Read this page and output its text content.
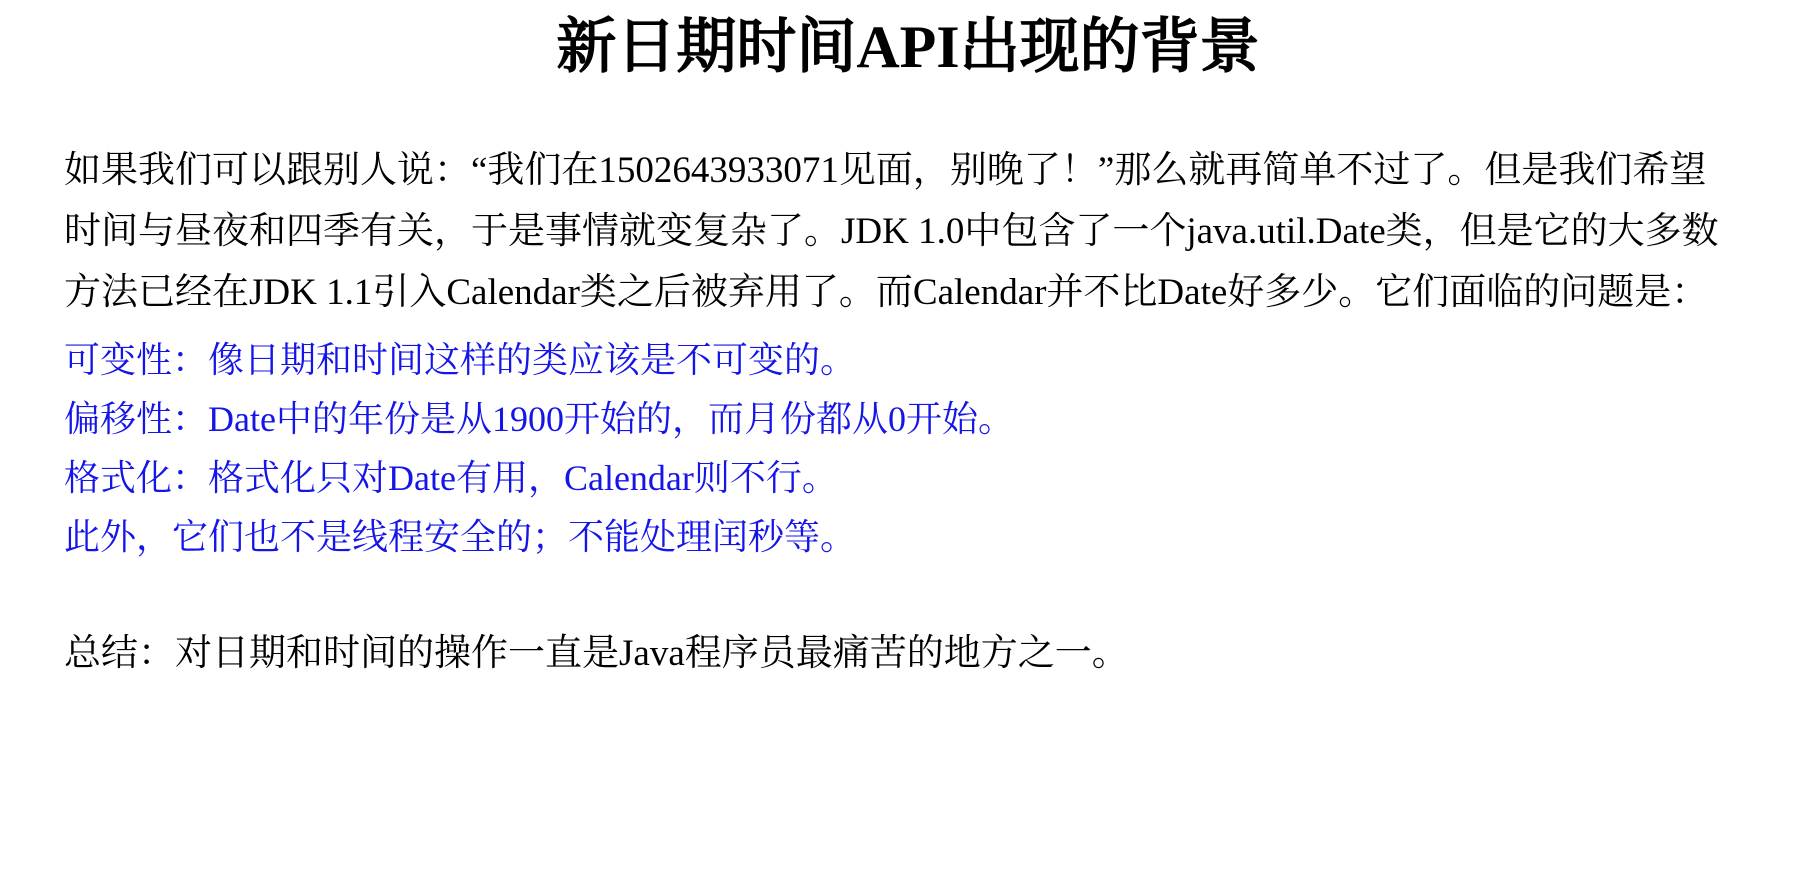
新日期时间API出现的背景

如果我们可以跟别人说：“我们在1502643933071见面，别晚了！”那么就再简单不过了。但是我们希望时间与昼夜和四季有关，于是事情就变复杂了。JDK 1.0中包含了一个java.util.Date类，但是它的大多数方法已经在JDK 1.1引入Calendar类之后被弃用了。而Calendar并不比Date好多少。它们面临的问题是：

可变性：像日期和时间这样的类应该是不可变的。

偏移性：Date中的年份是从1900开始的，而月份都从0开始。

格式化：格式化只对Date有用，Calendar则不行。

此外，它们也不是线程安全的；不能处理闰秒等。

总结：对日期和时间的操作一直是Java程序员最痛苦的地方之一。
